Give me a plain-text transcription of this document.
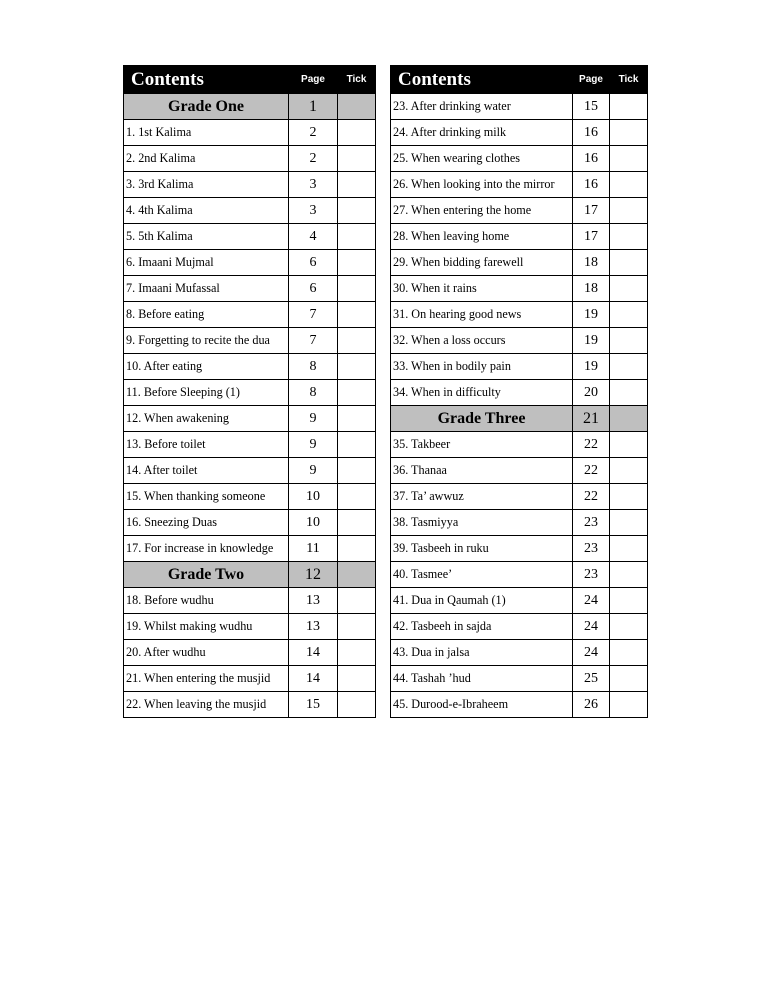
Contents	Page	Tick
Grade One	1	
1. 1st Kalima	2	
2. 2nd Kalima	2	
3. 3rd Kalima	3	
4. 4th Kalima	3	
5. 5th Kalima	4	
6. Imaani Mujmal	6	
7. Imaani Mufassal	6	
8. Before eating	7	
9. Forgetting to recite the dua	7	
10. After eating	8	
11. Before Sleeping (1)	8	
12. When awakening	9	
13. Before toilet	9	
14. After toilet	9	
15. When thanking someone	10	
16. Sneezing Duas	10	
17. For increase in knowledge	11	
Grade Two	12	
18. Before wudhu	13	
19. Whilst making wudhu	13	
20. After wudhu	14	
21. When entering the musjid	14	
22. When leaving the musjid	15	
Contents	Page	Tick
23. After drinking water	15	
24. After drinking milk	16	
25. When wearing clothes	16	
26. When looking into the mirror	16	
27. When entering the home	17	
28. When leaving home	17	
29. When bidding farewell	18	
30. When it rains	18	
31. On hearing good news	19	
32. When a loss occurs	19	
33. When in bodily pain	19	
34. When in difficulty	20	
Grade Three	21	
35. Takbeer	22	
36. Thanaa	22	
37. Ta’ awwuz	22	
38. Tasmiyya	23	
39. Tasbeeh in ruku	23	
40. Tasmee’	23	
41. Dua in Qaumah (1)	24	
42. Tasbeeh in sajda	24	
43. Dua in jalsa	24	
44. Tashah ’hud	25	
45. Durood-e-Ibraheem	26	
